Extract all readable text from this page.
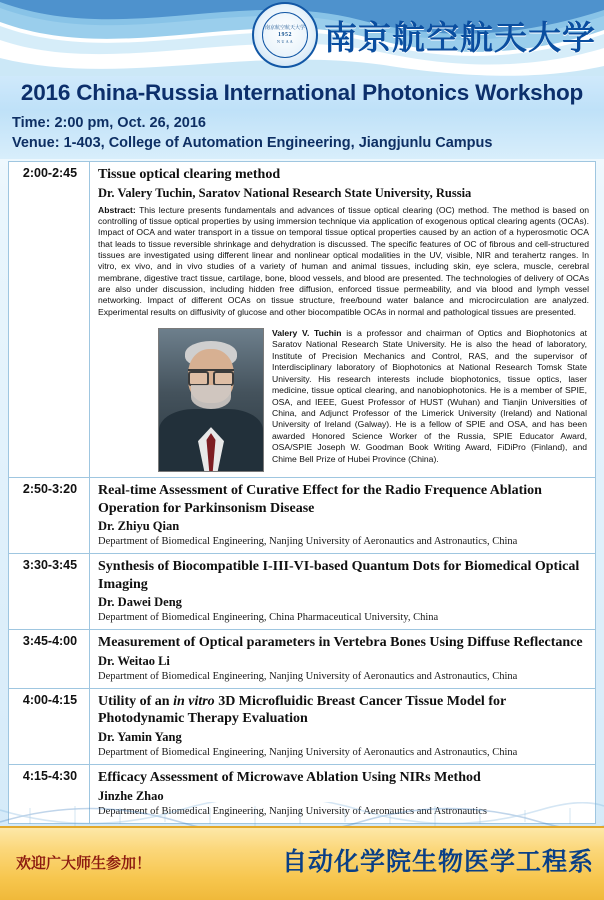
南京航空航天大学
1952
N U A A 南京航空航天大学
2016 China-Russia International Photonics Workshop
Time: 2:00 pm, Oct. 26, 2016
Venue: 1-403, College of Automation Engineering, Jiangjunlu Campus
2:00-2:45	Tissue optical clearing method
Dr. Valery Tuchin, Saratov National Research State University, Russia
Abstract: This lecture presents fundamentals and advances of tissue optical clearing (OC) method. The method is based on controlling of tissue optical properties by using immersion technique via application of exogenous optical clearing agents (OCAs). Impact of OCA and water transport in a tissue on temporal tissue optical properties caused by an action of a hyperosmotic OCA that leads to tissue reversible shrinkage and dehydration is discussed. The specific features of OC of fibrous and cell-structured tissues are investigated using different linear and nonlinear optical modalities in the UV, visible, NIR and terahertz ranges. In vitro, ex vivo, and in vivo studies of a variety of human and animal tissues, including skin, eye sclera, muscle, cerebral membrane, digestive tract tissue, cartilage, bone, blood vessels, and blood are presented. The technologies of delivery of OCAs are also under discussion, including hidden free diffusion, enforced tissue permeability, and via blood and lymph vessel networking. Impact of different OCAs on tissue structure, free/bound water balance and microcirculation are analyzed. Experimental results on diffusivity of glucose and other biocompatible OCAs in normal and pathological tissues are presented.
Valery V. Tuchin is a professor and chairman of Optics and Biophotonics at Saratov National Research State University. He is also the head of laboratory, Institute of Precision Mechanics and Control, RAS, and the supervisor of Interdisciplinary laboratory of Biophotonics at National Research Tomsk State University. His research interests include biophotonics, tissue optics, laser medicine, tissue optical clearing, and nanobiophotonics. He is a member of SPIE, OSA, and IEEE, Guest Professor of HUST (Wuhan) and Tianjin Universities of China, and Adjunct Professor of the Limerick University (Ireland) and National University of Ireland (Galway). He is a fellow of SPIE and OSA, and has been awarded Honored Science Worker of the Russia, SPIE Educator Award, OSA/SPIE Joseph W. Goodman Book Writing Award, FiDiPro (Finland), and Chime Bell Prize of Hubei Province (China).

2:50-3:20	Real-time Assessment of Curative Effect for the Radio Frequence Ablation Operation for Parkinsonism Disease
Dr. Zhiyu Qian
Department of Biomedical Engineering, Nanjing University of Aeronautics and Astronautics, China

3:30-3:45	Synthesis of Biocompatible I-III-VI-based Quantum Dots for Biomedical Optical Imaging
Dr. Dawei Deng
Department of Biomedical Engineering, China Pharmaceutical University, China

3:45-4:00	Measurement of Optical parameters in Vertebra Bones Using Diffuse Reflectance
Dr. Weitao Li
Department of Biomedical Engineering, Nanjing University of Aeronautics and Astronautics, China

4:00-4:15	Utility of an in vitro 3D Microfluidic Breast Cancer Tissue Model for Photodynamic Therapy Evaluation
Dr. Yamin Yang
Department of Biomedical Engineering, Nanjing University of Aeronautics and Astronautics, China

4:15-4:30	Efficacy Assessment of Microwave Ablation Using NIRs Method
Jinzhe Zhao
Department of Biomedical Engineering, Nanjing University of Aeronautics and Astronautics
欢迎广大师生参加！	自动化学院生物医学工程系
